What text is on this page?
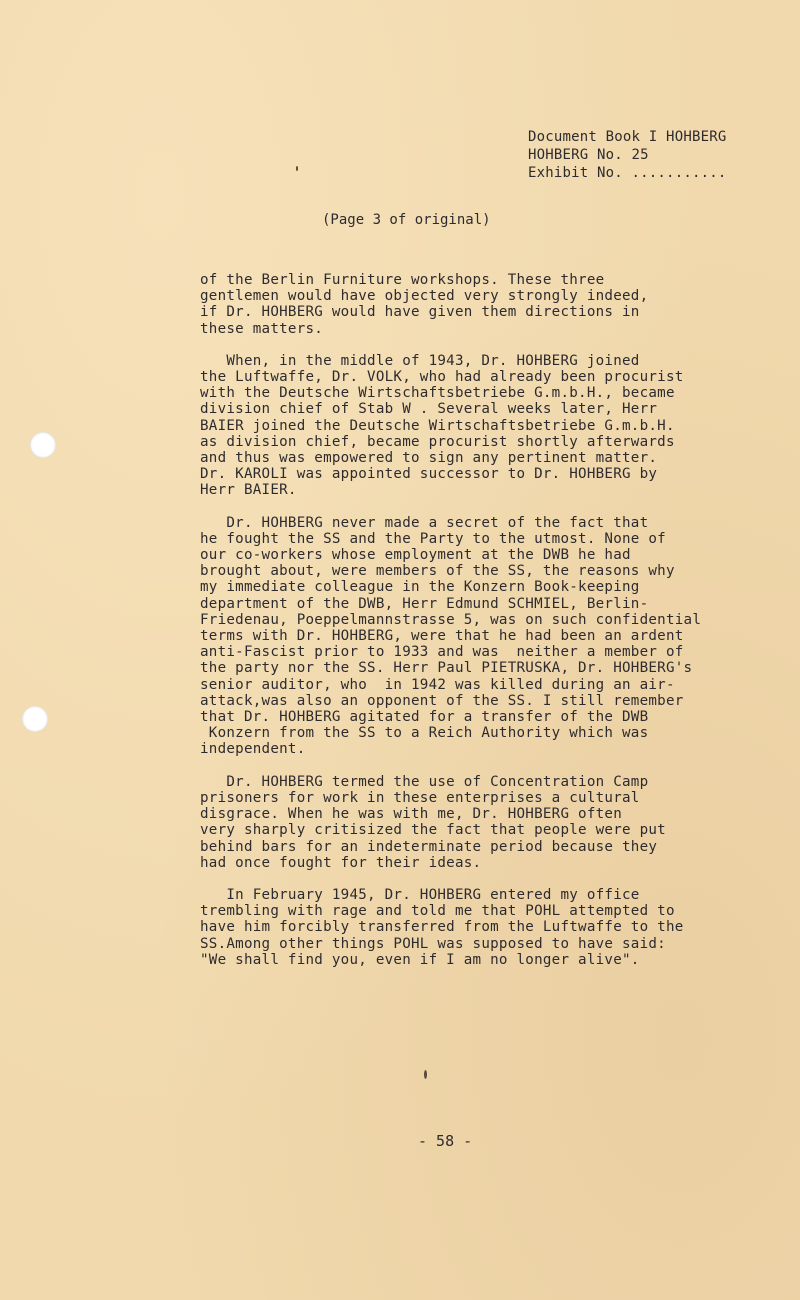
Document Book I HOHBERG
HOHBERG No. 25
Exhibit No. ...........
(Page 3 of original)
of the Berlin Furniture workshops. These three
gentlemen would have objected very strongly indeed,
if Dr. HOHBERG would have given them directions in
these matters.
When, in the middle of 1943, Dr. HOHBERG joined
the Luftwaffe, Dr. VOLK, who had already been procurist
with the Deutsche Wirtschaftsbetriebe G.m.b.H., became
division chief of Stab W . Several weeks later, Herr
BAIER joined the Deutsche Wirtschaftsbetriebe G.m.b.H.
as division chief, became procurist shortly afterwards
and thus was empowered to sign any pertinent matter.
Dr. KAROLI was appointed successor to Dr. HOHBERG by
Herr BAIER.
Dr. HOHBERG never made a secret of the fact that
he fought the SS and the Party to the utmost. None of
our co-workers whose employment at the DWB he had
brought about, were members of the SS, the reasons why
my immediate colleague in the Konzern Book-keeping
department of the DWB, Herr Edmund SCHMIEL, Berlin-
Friedenau, Poeppelmannstrasse 5, was on such confidential
terms with Dr. HOHBERG, were that he had been an ardent
anti-Fascist prior to 1933 and was  neither a member of
the party nor the SS. Herr Paul PIETRUSKA, Dr. HOHBERG's
senior auditor, who  in 1942 was killed during an air-
attack,was also an opponent of the SS. I still remember
that Dr. HOHBERG agitated for a transfer of the DWB
Konzern from the SS to a Reich Authority which was
independent.
Dr. HOHBERG termed the use of Concentration Camp
prisoners for work in these enterprises a cultural
disgrace. When he was with me, Dr. HOHBERG often
very sharply critisized the fact that people were put
behind bars for an indeterminate period because they
had once fought for their ideas.
In February 1945, Dr. HOHBERG entered my office
trembling with rage and told me that POHL attempted to
have him forcibly transferred from the Luftwaffe to the
SS.Among other things POHL was supposed to have said:
"We shall find you, even if I am no longer alive".
- 58 -
